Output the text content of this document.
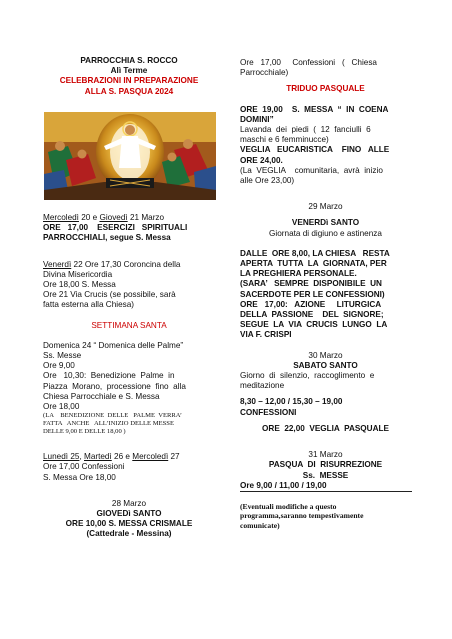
PARROCCHIA S. ROCCO
Alì Terme
CELEBRAZIONI IN PREPARAZIONE
ALLA S. PASQUA 2024
Mercoledì 20 e Giovedì 21 Marzo
ORE   17,00    ESERCIZI   SPIRITUALI
PARROCCHIALI, segue S. Messa
Venerdì 22 Ore 17,30 Coroncina della
Divina Misericordia
Ore 18,00 S. Messa
Ore 21 Via Crucis (se possibile, sarà
fatta esterna alla Chiesa)
SETTIMANA SANTA
Domenica 24 “ Domenica delle Palme”
Ss. Messe
Ore 9,00
Ore   10,30:  Benedizione  Palme  in
Piazza  Morano,  processione  fino  alla
Chiesa Parrocchiale e S. Messa
Ore 18,00
(LA    BENEDIZIONE  DELLE   PALME  VERRA’
FATTA   ANCHE   ALL’INIZIO DELLE MESSE
DELLE 9,00 E DELLE 18,00 )
Lunedì 25, Martedì 26 e Mercoledì 27
Ore 17,00 Confessioni
S. Messa Ore 18,00
28 Marzo
GIOVEDì SANTO
ORE 10,00 S. MESSA CRISMALE
(Cattedrale - Messina)
Ore   17,00     Confessioni   (   Chiesa
Parrocchiale)
TRIDUO PASQUALE
ORE  19,00    S.  MESSA  “  IN  COENA
DOMINI”
Lavanda  dei  piedi  (  12  fanciulli  6
maschi e 6 femminucce)
VEGLIA   EUCARISTICA    FINO   ALLE
ORE 24,00.
(La  VEGLIA    comunitaria,  avrà  inizio
alle Ore 23,00)
29 Marzo
VENERDì SANTO
Giornata di digiuno e astinenza
DALLE  ORE 8,00, LA CHIESA   RESTA
APERTA  TUTTA  LA  GIORNATA, PER
LA PREGHIERA PERSONALE.
(SARA’   SEMPRE  DISPONIBILE  UN
SACERDOTE PER LE CONFESSIONI)
ORE   17,00:   AZIONE     LITURGICA
DELLA  PASSIONE    DEL  SIGNORE;
SEGUE  LA  VIA  CRUCIS  LUNGO  LA
VIA F. CRISPI
30 Marzo
SABATO SANTO
Giorno  di  silenzio,  raccoglimento  e
meditazione
8,30 – 12,00 / 15,30 – 19,00
CONFESSIONI
ORE  22,00  VEGLIA  PASQUALE
31 Marzo
PASQUA  DI  RISURREZIONE
Ss.  MESSE
Ore 9,00 / 11,00 / 19,00
(Eventuali modifiche a questo
programma,saranno tempestivamente
comunicate)
